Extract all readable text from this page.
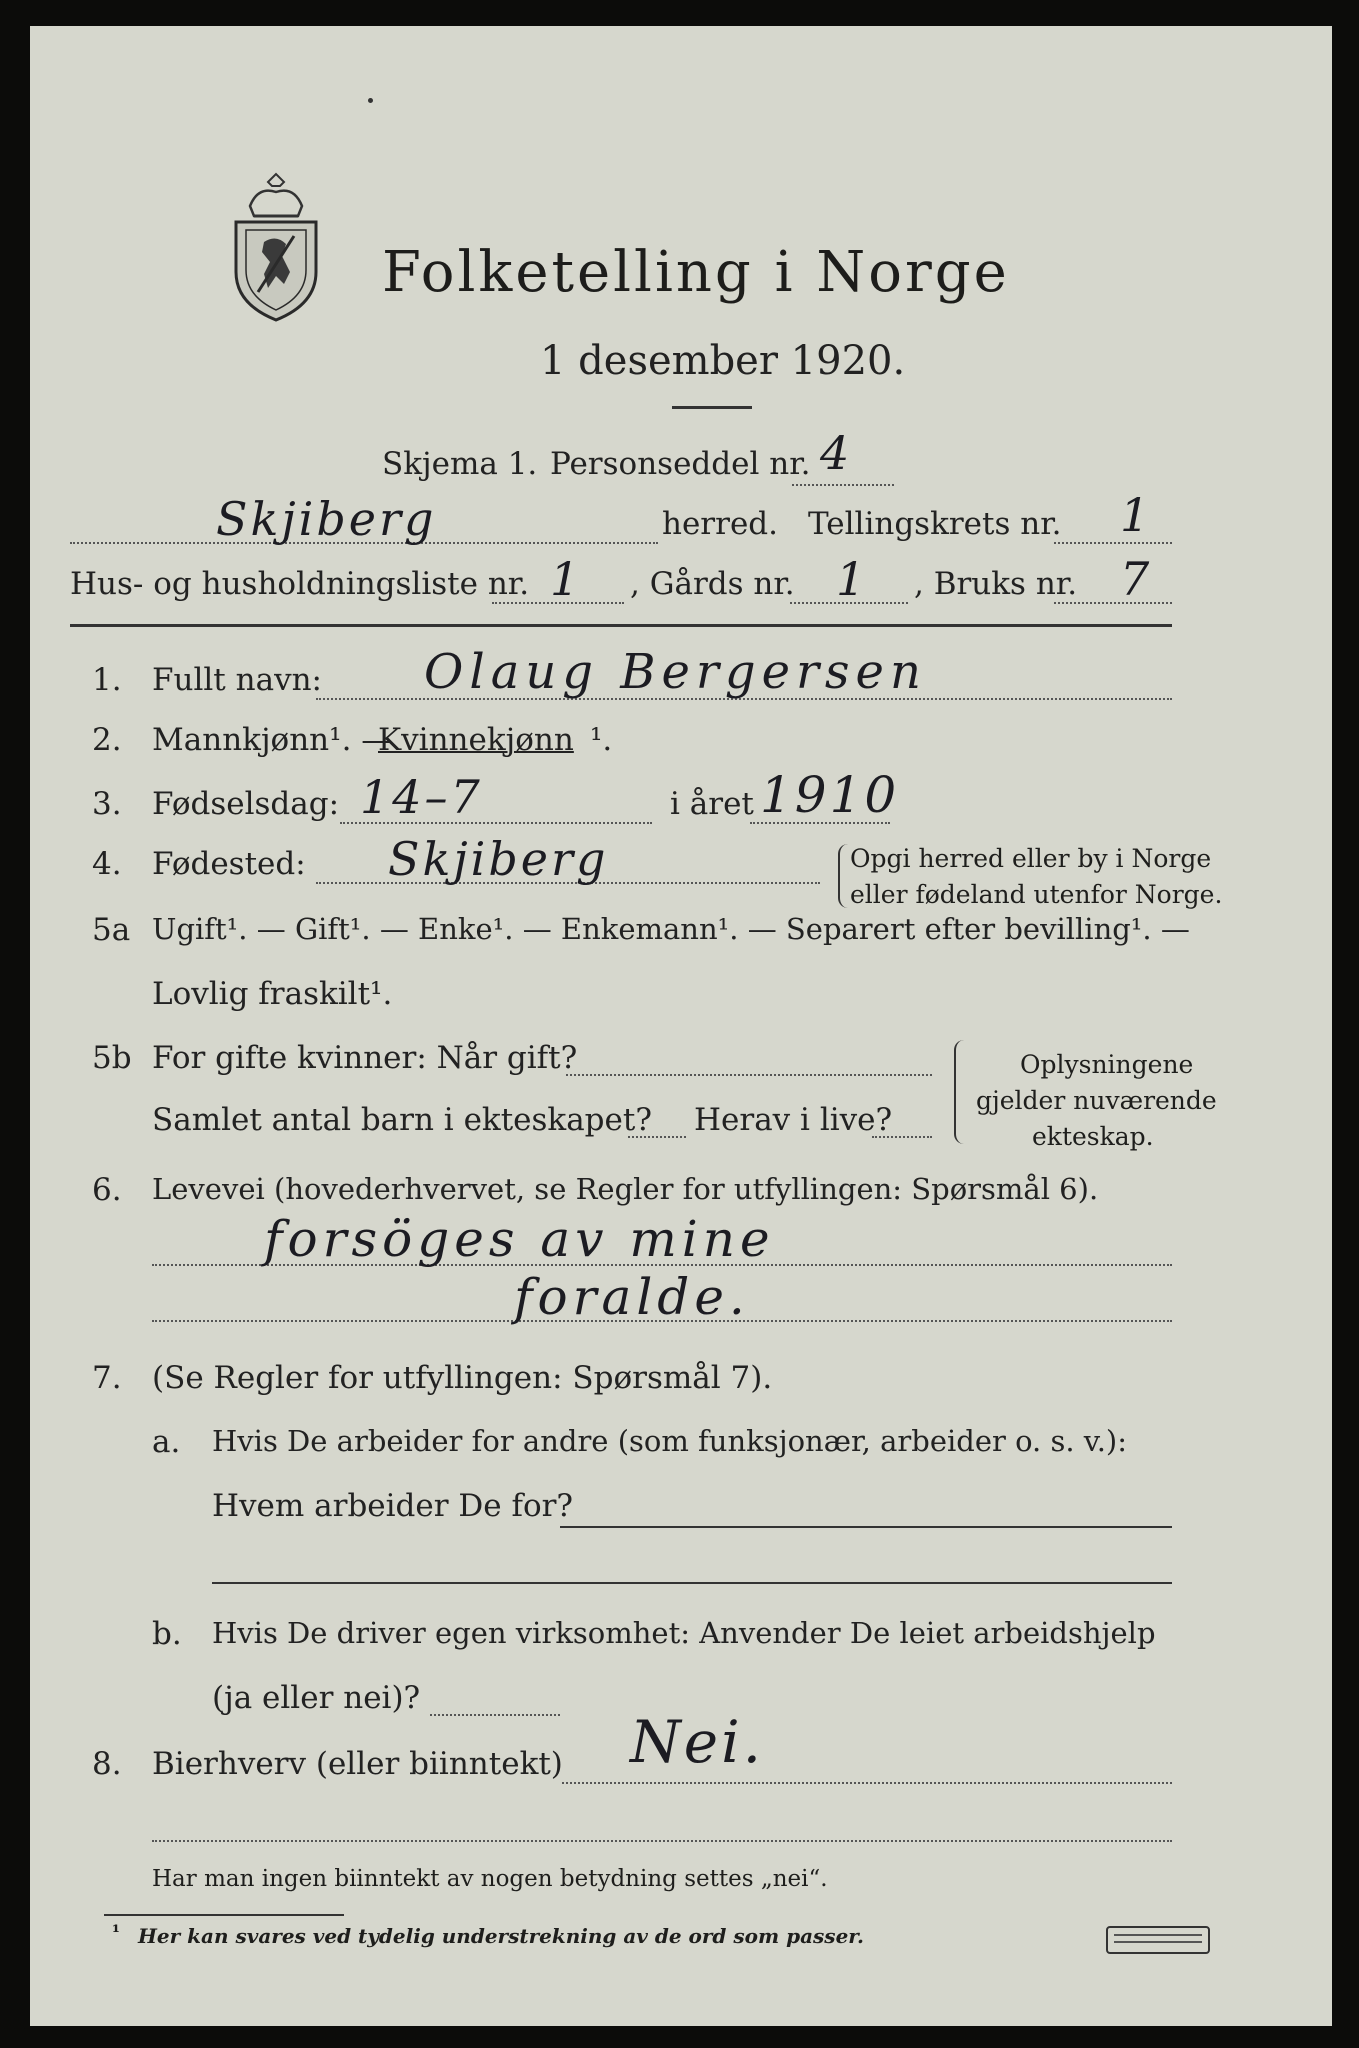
Folketelling i Norge
1 desember 1920.
Skjema 1. Personseddel nr. 4
Skjiberg	herred. Tellingskrets nr. 1
Hus- og husholdningsliste nr. 1 , Gårds nr. 1 , Bruks nr. 7
1. Fullt navn: Olaug Bergersen
2. Mannkjønn¹. —
Kvinnekjønn ¹.
3. Fødselsdag: 14–7	i året 1910
4. Fødested: Skjiberg	Opgi herred eller by i Norge
eller fødeland utenfor Norge.
5a Ugift¹. — Gift¹. — Enke¹. — Enkemann¹. — Separert efter bevilling¹. —
Lovlig fraskilt¹.
5b For gifte kvinner: Når gift?
Samlet antal barn i ekteskapet? Herav i live?
Oplysningene
gjelder nuværende
ekteskap.
6. Levevei (hovederhvervet, se Regler for utfyllingen: Spørsmål 6).
forsöges av mine
foralde.
7. (Se Regler for utfyllingen: Spørsmål 7).
a. Hvis De arbeider for andre (som funksjonær, arbeider o. s. v.):
Hvem arbeider De for?
b. Hvis De driver egen virksomhet: Anvender De leiet arbeidshjelp
(ja eller nei)?
8. Bierhverv (eller biinntekt) Nei.
Har man ingen biinntekt av nogen betydning settes „nei“.
¹ Her kan svares ved tydelig understrekning av de ord som passer.
